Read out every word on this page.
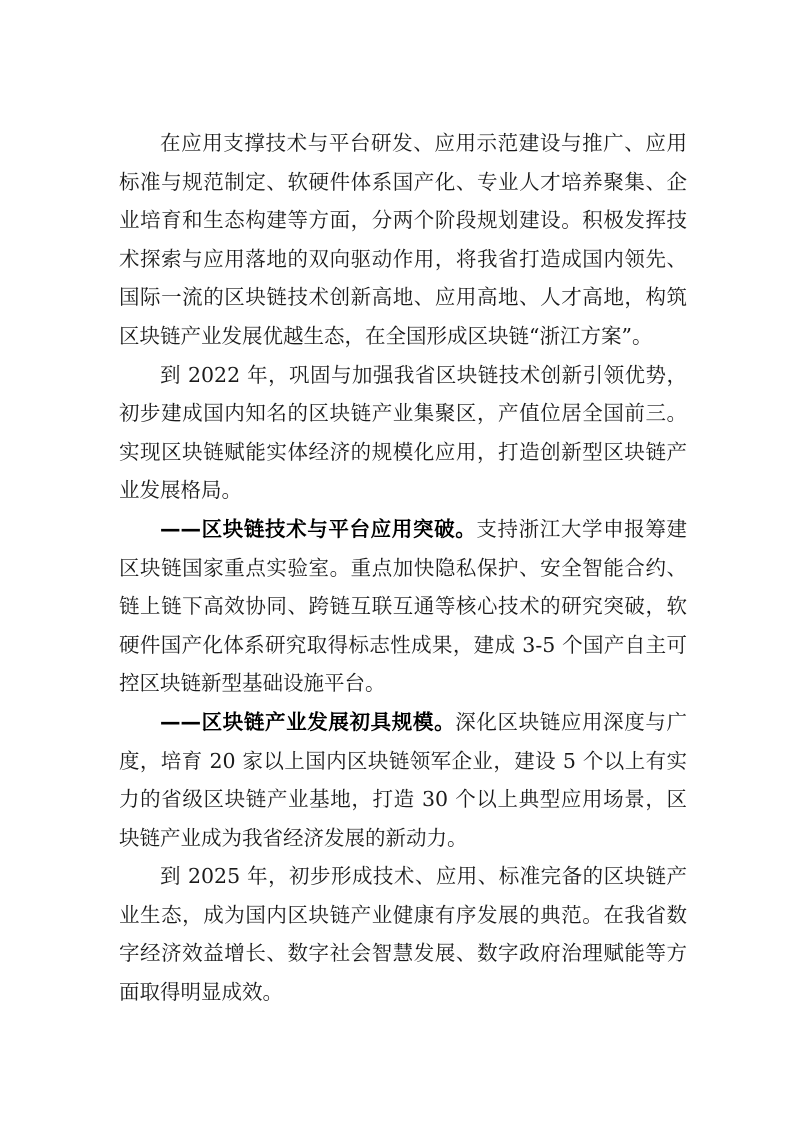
在应用支撑技术与平台研发、应用示范建设与推广、应用标准与规范制定、软硬件体系国产化、专业人才培养聚集、企业培育和生态构建等方面，分两个阶段规划建设。积极发挥技术探索与应用落地的双向驱动作用，将我省打造成国内领先、国际一流的区块链技术创新高地、应用高地、人才高地，构筑区块链产业发展优越生态，在全国形成区块链“浙江方案”。

到 2022 年，巩固与加强我省区块链技术创新引领优势，初步建成国内知名的区块链产业集聚区，产值位居全国前三。实现区块链赋能实体经济的规模化应用，打造创新型区块链产业发展格局。

——区块链技术与平台应用突破。支持浙江大学申报筹建区块链国家重点实验室。重点加快隐私保护、安全智能合约、链上链下高效协同、跨链互联互通等核心技术的研究突破，软硬件国产化体系研究取得标志性成果，建成 3-5 个国产自主可控区块链新型基础设施平台。

——区块链产业发展初具规模。深化区块链应用深度与广度，培育 20 家以上国内区块链领军企业，建设 5 个以上有实力的省级区块链产业基地，打造 30 个以上典型应用场景，区块链产业成为我省经济发展的新动力。

到 2025 年，初步形成技术、应用、标准完备的区块链产业生态，成为国内区块链产业健康有序发展的典范。在我省数字经济效益增长、数字社会智慧发展、数字政府治理赋能等方面取得明显成效。
